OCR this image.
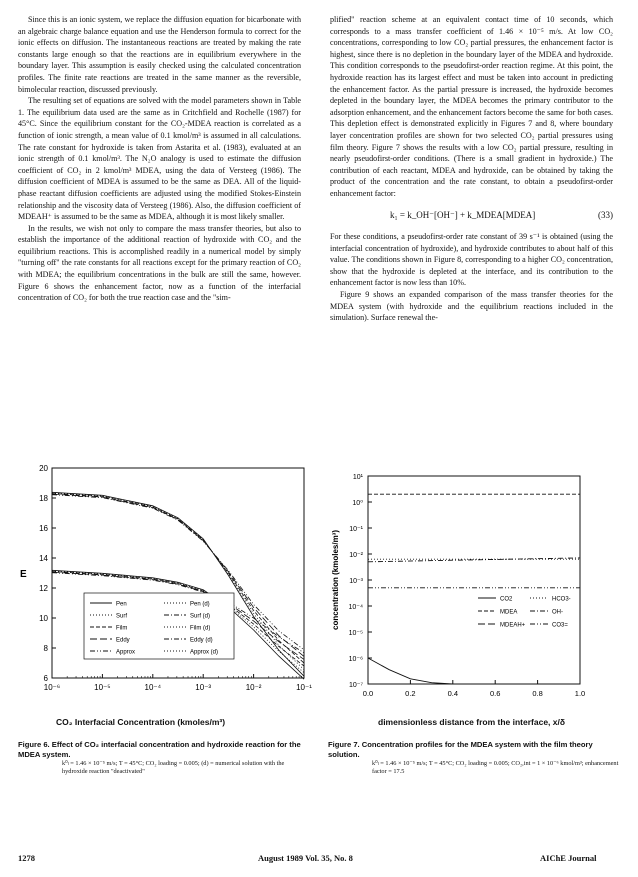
Since this is an ionic system, we replace the diffusion equation for bicarbonate with an algebraic charge balance equation and use the Henderson formula to correct for the ionic effects on diffusion. The instantaneous reactions are treated by making the rate constants large enough so that the reactions are in equilibrium everywhere in the boundary layer. This assumption is easily checked using the calculated concentration profiles. The finite rate reactions are treated in the same manner as the reversible, bimolecular reaction, discussed previously.

The resulting set of equations are solved with the model parameters shown in Table 1. The equilibrium data used are the same as in Critchfield and Rochelle (1987) for 45°C. Since the equilibrium constant for the CO₂-MDEA reaction is correlated as a function of ionic strength, a mean value of 0.1 kmol/m³ is assumed in all calculations. The rate constant for hydroxide is taken from Astarita et al. (1983), evaluated at an ionic strength of 0.1 kmol/m³. The N₂O analogy is used to estimate the diffusion coefficient of CO₂ in 2 kmol/m³ MDEA, using the data of Versteeg (1986). The diffusion coefficient of MDEA is assumed to be the same as DEA. All of the liquid-phase reactant diffusion coefficients are adjusted using the modified Stokes-Einstein relationship and the viscosity data of Versteeg (1986). Also, the diffusion coefficient of MDEAH⁺ is assumed to be the same as MDEA, although it is most likely smaller.

In the results, we wish not only to compare the mass transfer theories, but also to establish the importance of the additional reaction of hydroxide with CO₂ and the equilibrium reactions. This is accomplished readily in a numerical model by simply "turning off" the rate constants for all reactions except for the primary reaction of CO₂ with MDEA; the equilibrium concentrations in the bulk are still the same, however. Figure 6 shows the enhancement factor, now as a function of the interfacial concentration of CO₂ for both the true reaction case and the "sim-

plified" reaction scheme at an equivalent contact time of 10 seconds, which corresponds to a mass transfer coefficient of 1.46 × 10⁻⁵ m/s. At low CO₂ concentrations, corresponding to low CO₂ partial pressures, the enhancement factor is highest, since there is no depletion in the boundary layer of the MDEA and hydroxide. This condition corresponds to the pseudofirst-order reaction regime. At this point, the hydroxide reaction has its largest effect and must be taken into account in predicting the enhancement factor. As the partial pressure is increased, the hydroxide becomes depleted in the boundary layer, the MDEA becomes the primary contributor to the adsorption enhancement, and the enhancement factors become the same for both cases. This depletion effect is demonstrated explicitly in Figures 7 and 8, where boundary layer concentration profiles are shown for two selected CO₂ partial pressures using film theory. Figure 7 shows the results with a low CO₂ partial pressure, resulting in nearly pseudofirst-order conditions. (There is a small gradient in hydroxide.) The contribution of each reactant, MDEA and hydroxide, can be obtained by taking the product of the concentration and the rate constant, to obtain a pseudofirst-order enhancement factor:

k₁ = k_OH⁻[OH⁻] + k_MDEA[MDEA]	(33)

For these conditions, a pseudofirst-order rate constant of 39 s⁻¹ is obtained (using the interfacial concentration of hydroxide), and hydroxide contributes to about half of this value. The conditions shown in Figure 8, corresponding to a higher CO₂ concentration, show that the hydroxide is depleted at the interface, and its contribution to the enhancement factor is now less than 10%.

Figure 9 shows an expanded comparison of the mass transfer theories for the MDEA system (with hydroxide and the equilibrium reactions included in the simulation). Surface renewal the-

E
6
8
10
12
14
16
18
20
10⁻⁶	10⁻⁵	10⁻⁴	10⁻³	10⁻²	10⁻¹
Pen	Pen (d)
Surf	Surf (d)
Film	Film (d)
Eddy	Eddy (d)
Approx	Approx (d)
CO₂ Interfacial Concentration (kmoles/m³)
concentration (kmoles/m³)
10¹
10⁰
10⁻¹
10⁻²
10⁻³
10⁻⁴
10⁻⁵
10⁻⁶
10⁻⁷
0.0	0.2	0.4	0.6	0.8	1.0
CO2	HCO3-
MDEA	OH-
MDEAH+	CO3=
dimensionless distance from the interface, x/δ
Figure 6. Effect of CO₂ interfacial concentration and hydroxide reaction for the MDEA system.
k⁰ₗ = 1.46 × 10⁻⁵ m/s; T = 45°C; CO₂ loading = 0.005; (d) = numerical solution with the hydroxide reaction "deactivated"
Figure 7. Concentration profiles for the MDEA system with the film theory solution.
k⁰ₗ = 1.46 × 10⁻⁵ m/s; T = 45°C; CO₂ loading = 0.005; CO₂,int = 1 × 10⁻⁶ kmol/m³; enhancement factor = 17.5
1278	August 1989 Vol. 35, No. 8	AIChE Journal
